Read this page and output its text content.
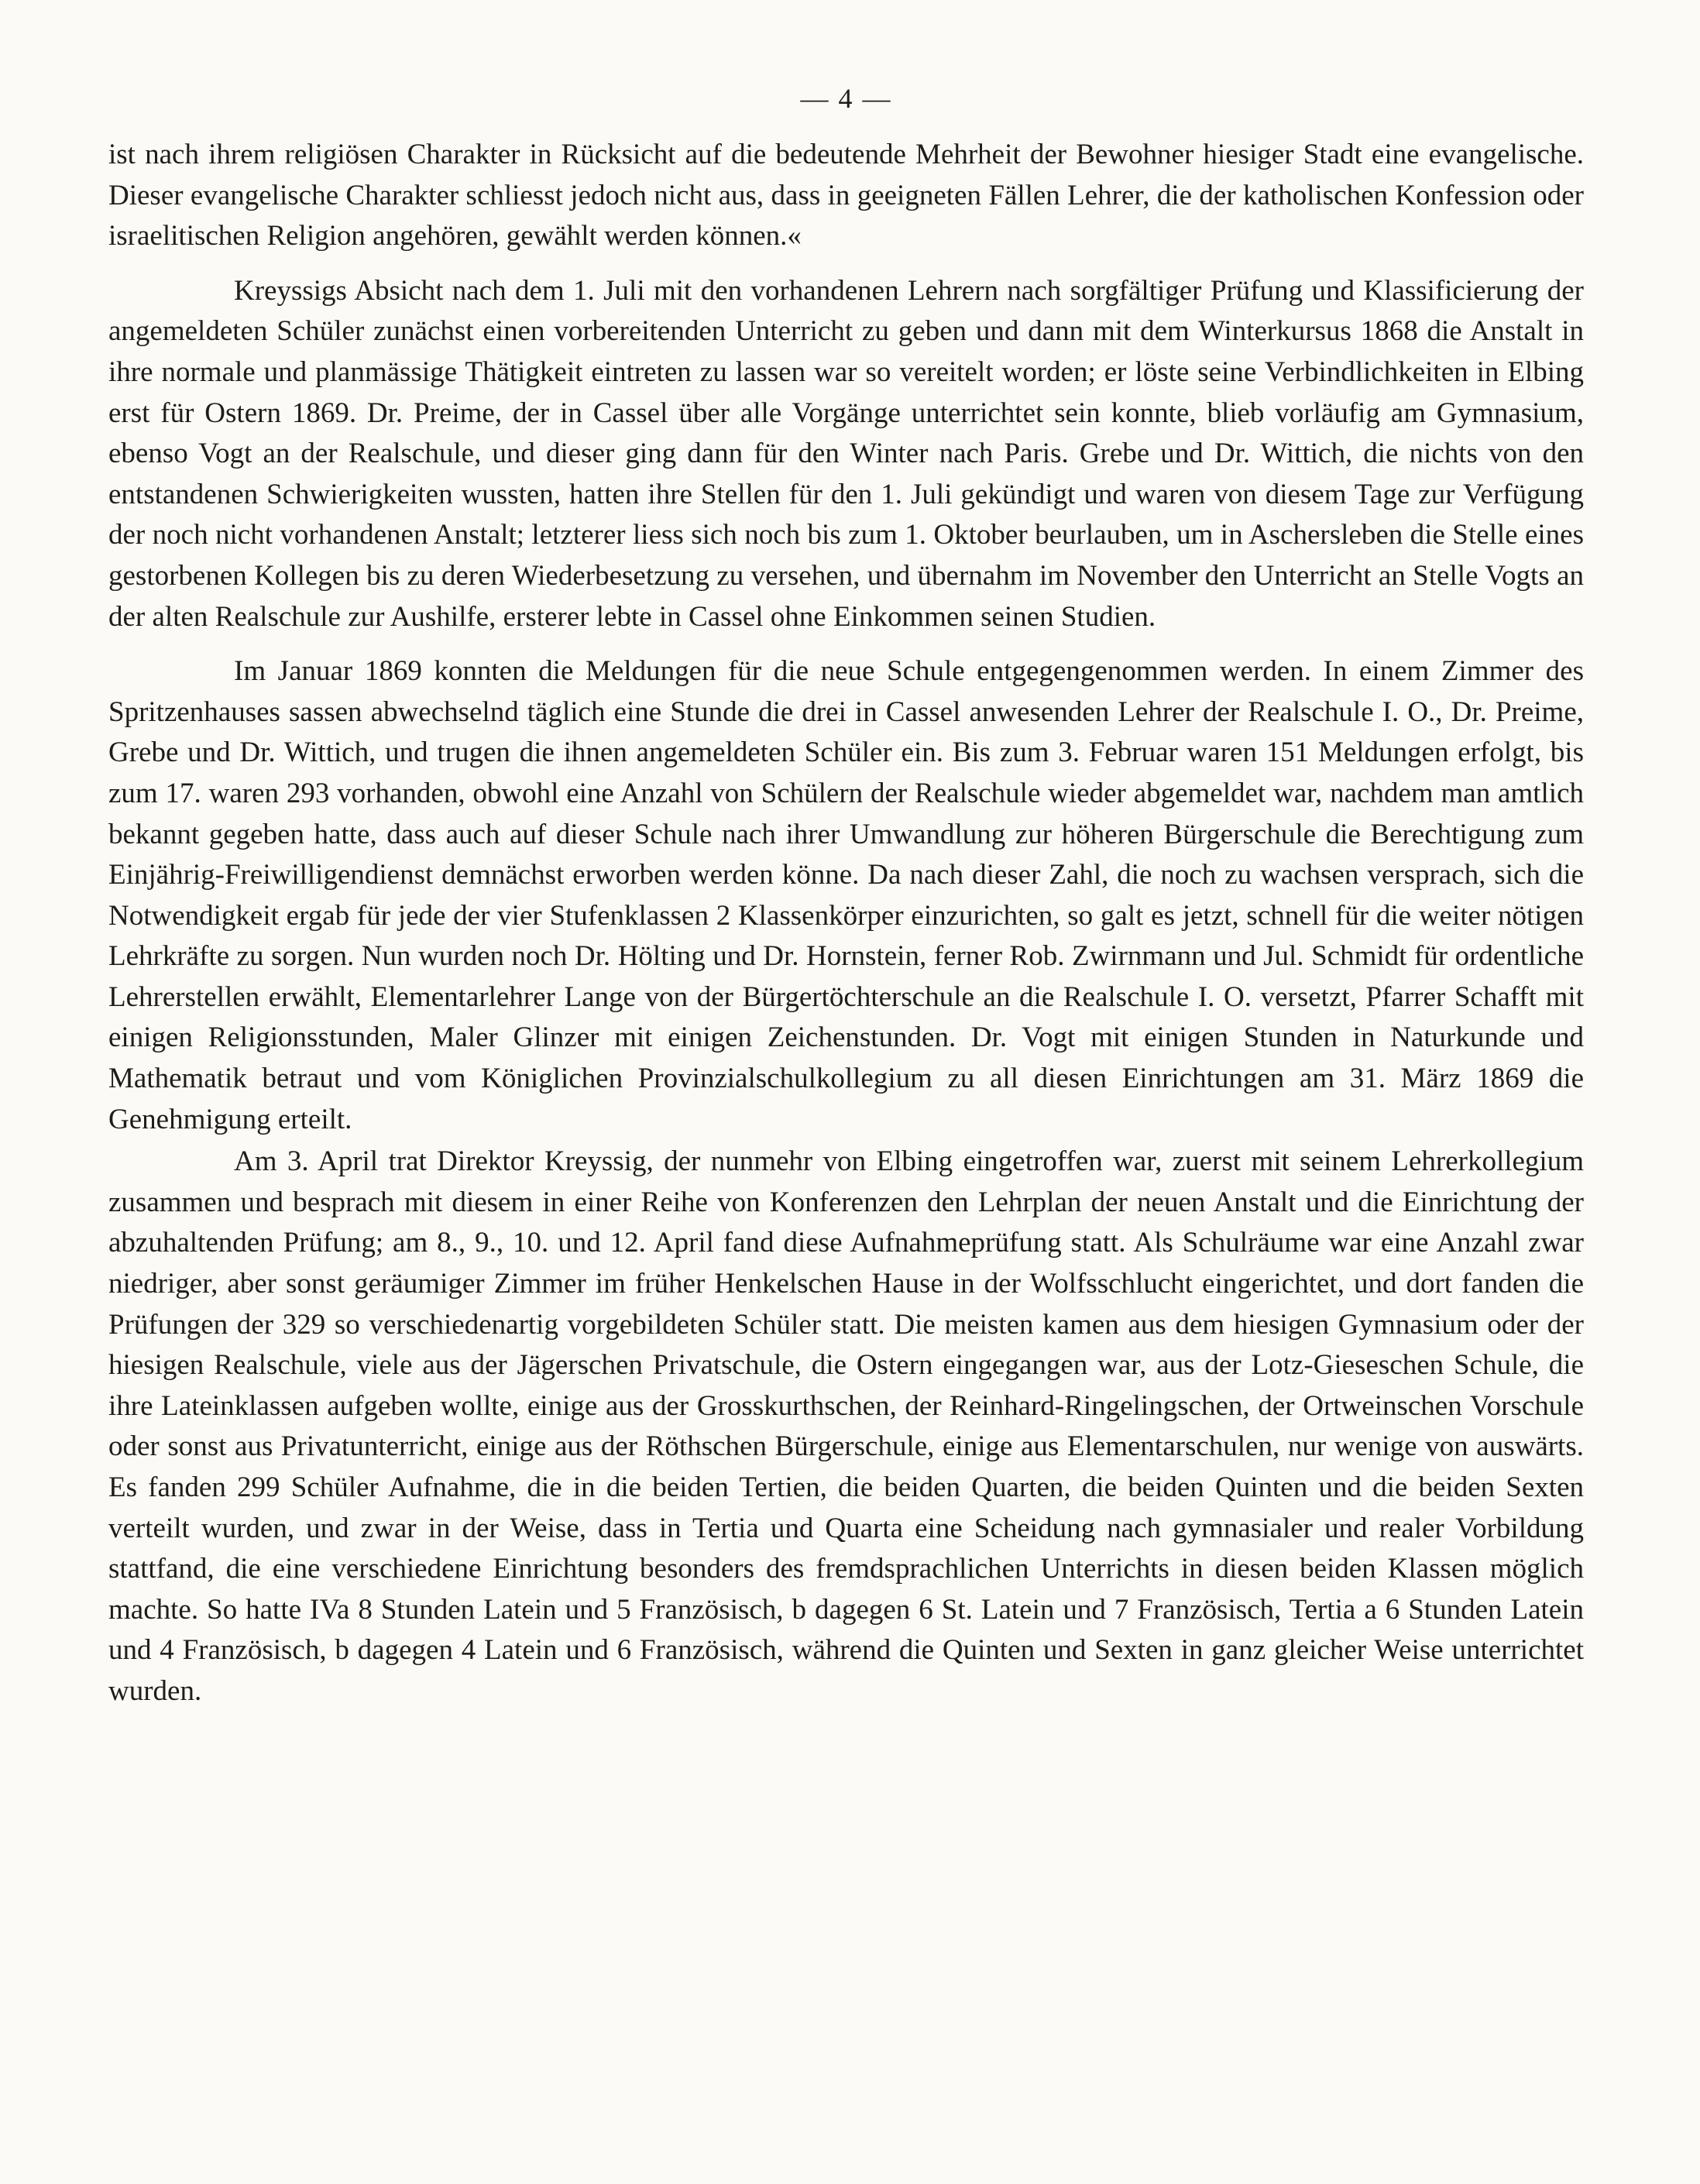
— 4 —

ist nach ihrem religiösen Charakter in Rücksicht auf die bedeutende Mehrheit der Bewohner hiesiger Stadt eine evangelische. Dieser evangelische Charakter schliesst jedoch nicht aus, dass in geeigneten Fällen Lehrer, die der katholischen Konfession oder israelitischen Religion angehören, gewählt werden können.«

Kreyssigs Absicht nach dem 1. Juli mit den vorhandenen Lehrern nach sorgfältiger Prüfung und Klassificierung der angemeldeten Schüler zunächst einen vorbereitenden Unterricht zu geben und dann mit dem Winterkursus 1868 die Anstalt in ihre normale und planmässige Thätigkeit eintreten zu lassen war so vereitelt worden; er löste seine Verbindlichkeiten in Elbing erst für Ostern 1869. Dr. Preime, der in Cassel über alle Vorgänge unterrichtet sein konnte, blieb vorläufig am Gymnasium, ebenso Vogt an der Realschule, und dieser ging dann für den Winter nach Paris. Grebe und Dr. Wittich, die nichts von den entstandenen Schwierigkeiten wussten, hatten ihre Stellen für den 1. Juli gekündigt und waren von diesem Tage zur Verfügung der noch nicht vorhandenen Anstalt; letzterer liess sich noch bis zum 1. Oktober beurlauben, um in Aschersleben die Stelle eines gestorbenen Kollegen bis zu deren Wiederbesetzung zu versehen, und übernahm im November den Unterricht an Stelle Vogts an der alten Realschule zur Aushilfe, ersterer lebte in Cassel ohne Einkommen seinen Studien.

Im Januar 1869 konnten die Meldungen für die neue Schule entgegengenommen werden. In einem Zimmer des Spritzenhauses sassen abwechselnd täglich eine Stunde die drei in Cassel anwesenden Lehrer der Realschule I. O., Dr. Preime, Grebe und Dr. Wittich, und trugen die ihnen angemeldeten Schüler ein. Bis zum 3. Februar waren 151 Meldungen erfolgt, bis zum 17. waren 293 vorhanden, obwohl eine Anzahl von Schülern der Realschule wieder abgemeldet war, nachdem man amtlich bekannt gegeben hatte, dass auch auf dieser Schule nach ihrer Umwandlung zur höheren Bürgerschule die Berechtigung zum Einjährig-Freiwilligendienst demnächst erworben werden könne. Da nach dieser Zahl, die noch zu wachsen versprach, sich die Notwendigkeit ergab für jede der vier Stufenklassen 2 Klassenkörper einzurichten, so galt es jetzt, schnell für die weiter nötigen Lehrkräfte zu sorgen. Nun wurden noch Dr. Hölting und Dr. Hornstein, ferner Rob. Zwirnmann und Jul. Schmidt für ordentliche Lehrerstellen erwählt, Elementarlehrer Lange von der Bürgertöchterschule an die Realschule I. O. versetzt, Pfarrer Schafft mit einigen Religionsstunden, Maler Glinzer mit einigen Zeichenstunden. Dr. Vogt mit einigen Stunden in Naturkunde und Mathematik betraut und vom Königlichen Provinzialschulkollegium zu all diesen Einrichtungen am 31. März 1869 die Genehmigung erteilt.

Am 3. April trat Direktor Kreyssig, der nunmehr von Elbing eingetroffen war, zuerst mit seinem Lehrerkollegium zusammen und besprach mit diesem in einer Reihe von Konferenzen den Lehrplan der neuen Anstalt und die Einrichtung der abzuhaltenden Prüfung; am 8., 9., 10. und 12. April fand diese Aufnahmeprüfung statt. Als Schulräume war eine Anzahl zwar niedriger, aber sonst geräumiger Zimmer im früher Henkelschen Hause in der Wolfsschlucht eingerichtet, und dort fanden die Prüfungen der 329 so verschiedenartig vorgebildeten Schüler statt. Die meisten kamen aus dem hiesigen Gymnasium oder der hiesigen Realschule, viele aus der Jägerschen Privatschule, die Ostern eingegangen war, aus der Lotz-Gieseschen Schule, die ihre Lateinklassen aufgeben wollte, einige aus der Grosskurthschen, der Reinhard-Ringelingschen, der Ortweinschen Vorschule oder sonst aus Privatunterricht, einige aus der Röthschen Bürgerschule, einige aus Elementarschulen, nur wenige von auswärts. Es fanden 299 Schüler Aufnahme, die in die beiden Tertien, die beiden Quarten, die beiden Quinten und die beiden Sexten verteilt wurden, und zwar in der Weise, dass in Tertia und Quarta eine Scheidung nach gymnasialer und realer Vorbildung stattfand, die eine verschiedene Einrichtung besonders des fremdsprachlichen Unterrichts in diesen beiden Klassen möglich machte. So hatte IVa 8 Stunden Latein und 5 Französisch, b dagegen 6 St. Latein und 7 Französisch, Tertia a 6 Stunden Latein und 4 Französisch, b dagegen 4 Latein und 6 Französisch, während die Quinten und Sexten in ganz gleicher Weise unterrichtet wurden.
